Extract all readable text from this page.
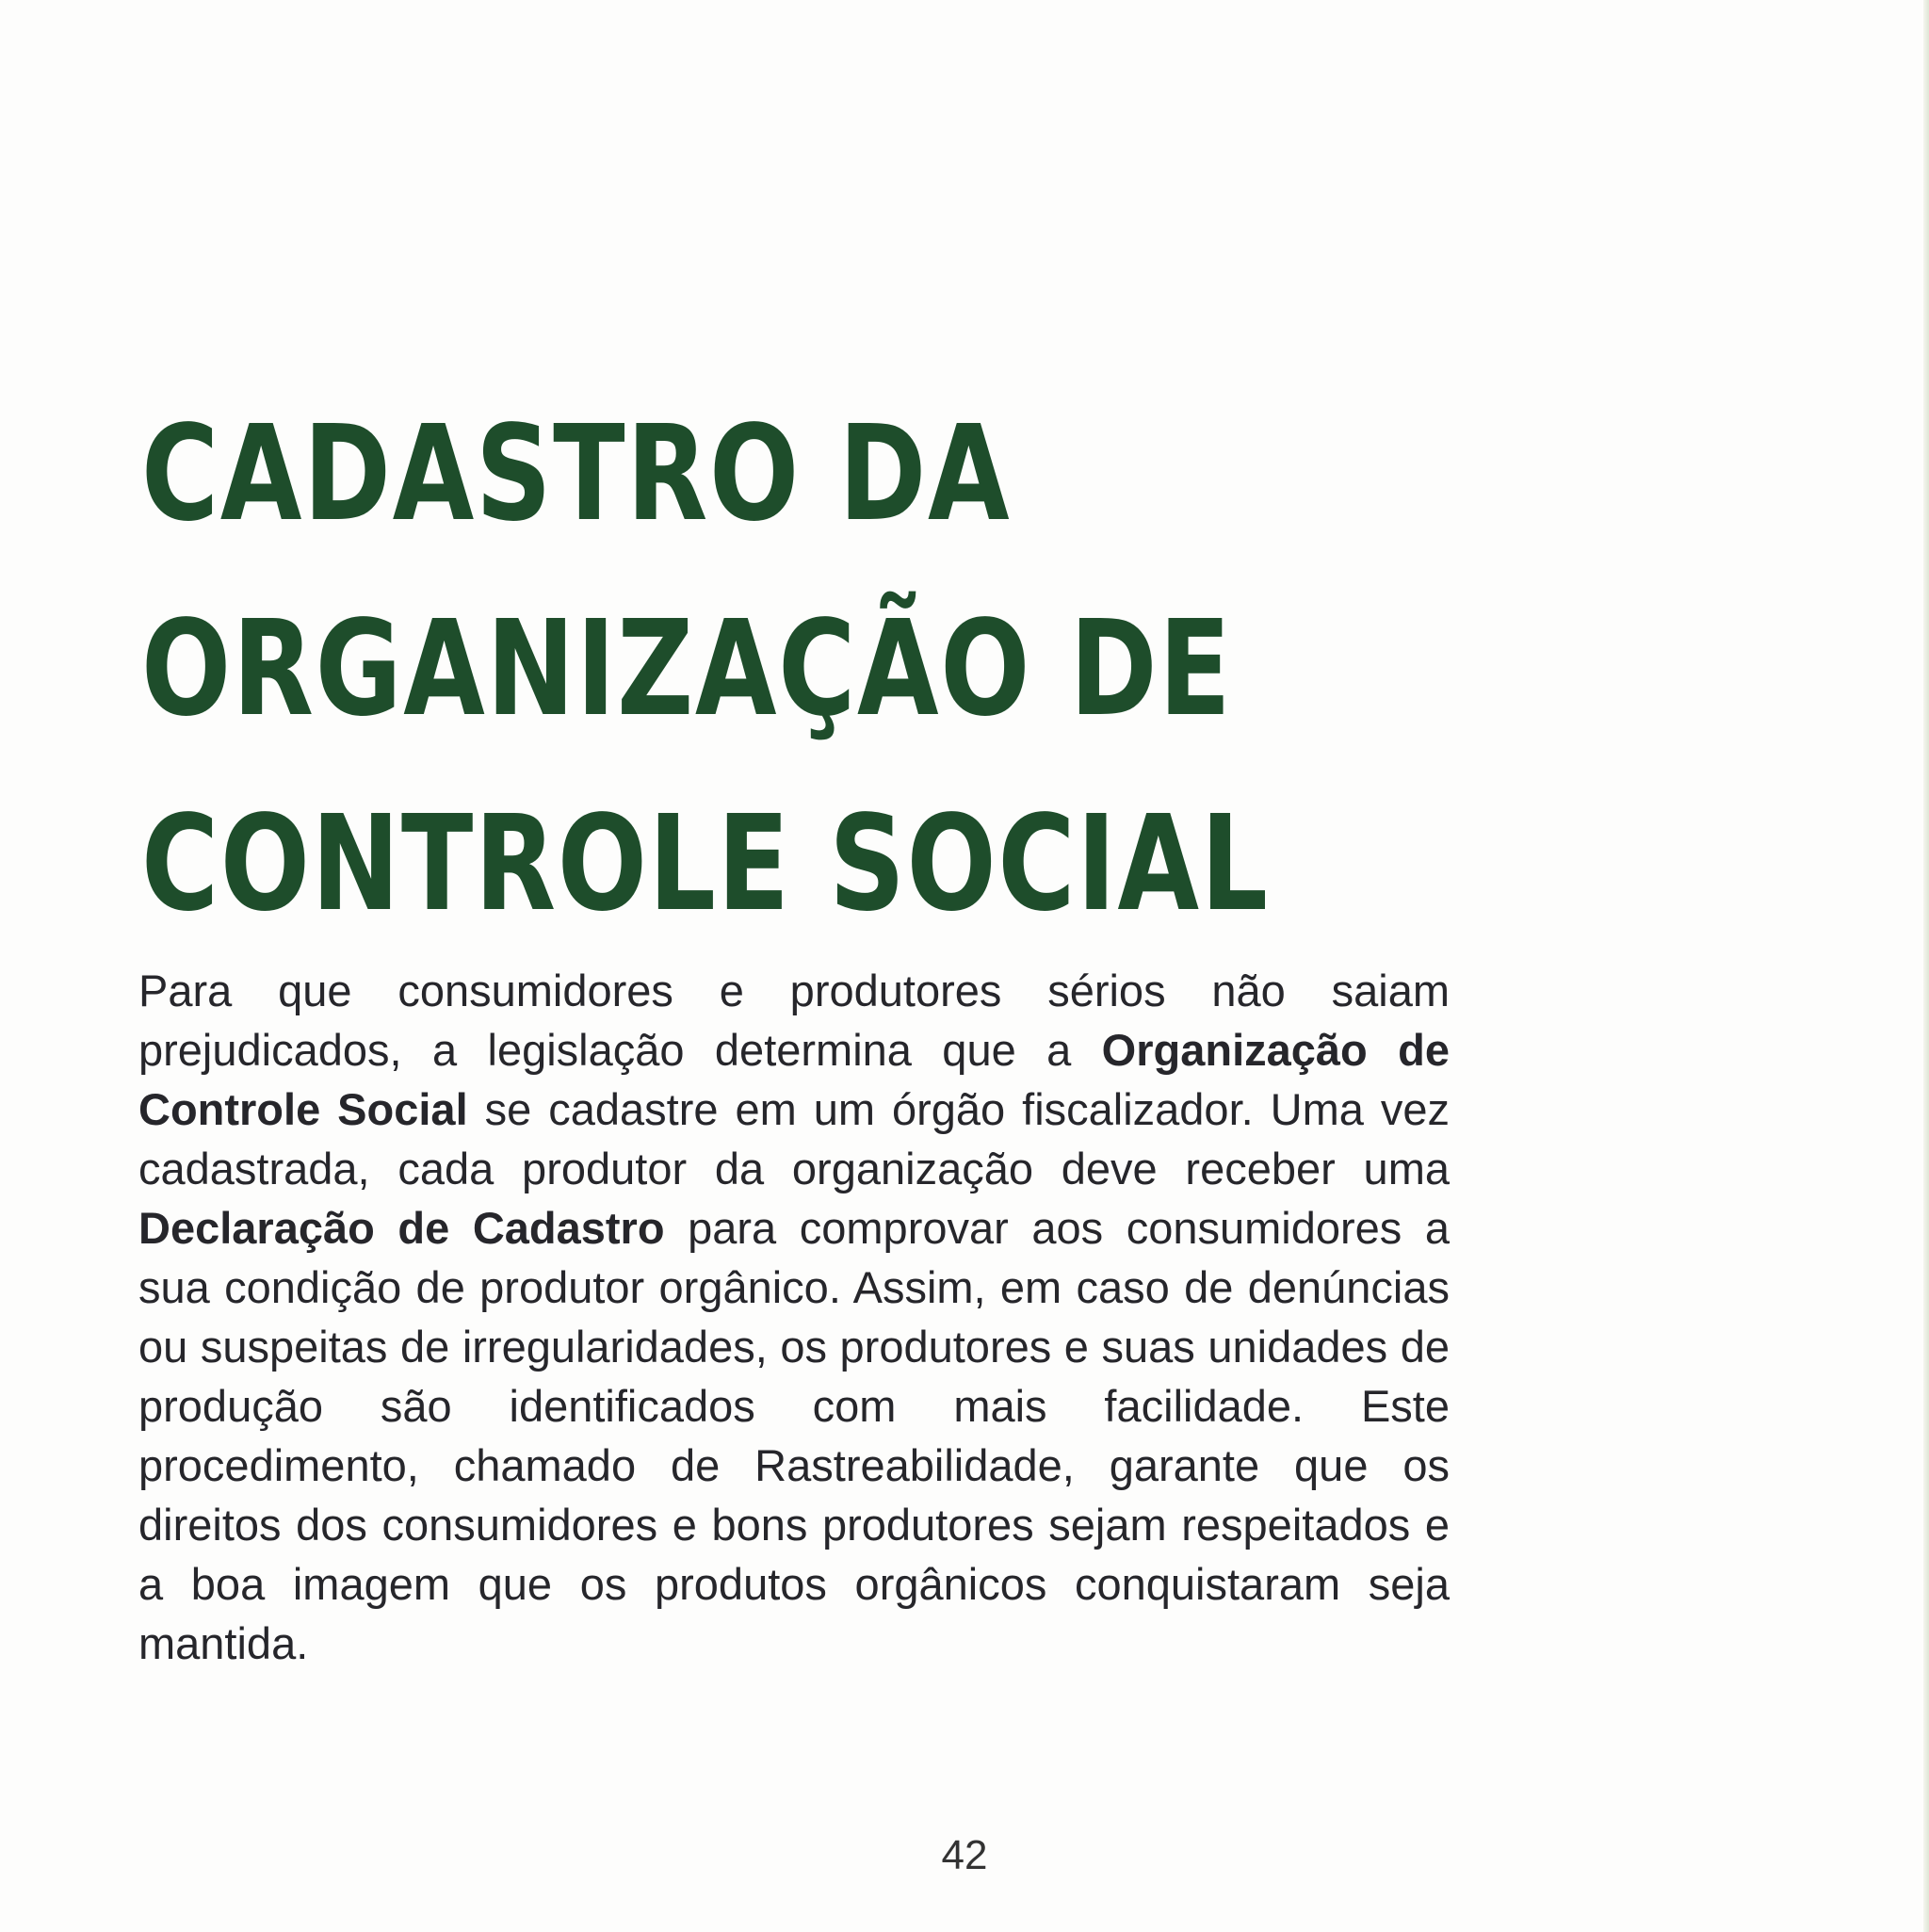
CADASTRO DA
ORGANIZAÇÃO DE
CONTROLE SOCIAL

Para que consumidores e produtores sérios não saiam prejudicados, a legislação determina que a Organização de Controle Social se cadastre em um órgão fiscalizador. Uma vez cadastrada, cada produtor da organização deve receber uma Declaração de Cadastro para comprovar aos consumidores a sua condição de produtor orgânico. Assim, em caso de denúncias ou suspeitas de irregularidades, os produtores e suas unidades de produção são identificados com mais facilidade. Este procedimento, chamado de Rastreabilidade, garante que os direitos dos consumidores e bons produtores sejam respeitados e a boa imagem que os produtos orgânicos conquistaram seja mantida.

42
